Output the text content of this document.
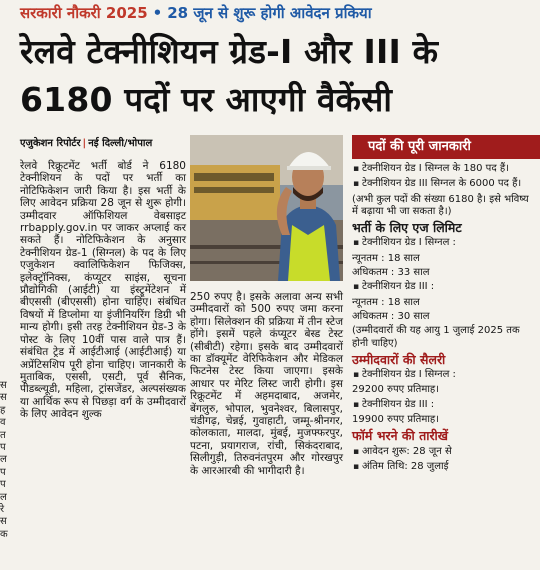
सरकारी नौकरी 2025 • 28 जून से शुरू होगी आवेदन प्रकिया
रेलवे टेक्नीशियन ग्रेड-I और III के 6180 पदों पर आएगी वैकेंसी
एजुकेशन रिपोर्टर | नई दिल्ली/भोपाल
स
स
ह
व
त
प
ल
प
प
ल
रे
स
क
रेलवे रिक्रूटमेंट भर्ती बोर्ड ने 6180 टेक्नीशियन के पदों पर भर्ती का नोटिफिकेशन जारी किया है। इस भर्ती के लिए आवेदन प्रक्रिया 28 जून से शुरू होगी। उम्मीदवार ऑफिशियल वेबसाइट rrbapply.gov.in पर जाकर अप्लाई कर सकते हैं। नोटिफिकेशन के अनुसार टेक्नीशियन ग्रेड-1 (सिग्नल) के पद के लिए एजुकेशन क्वालिफिकेशन फिजिक्स, इलेक्ट्रॉनिक्स, कंप्यूटर साइंस, सूचना प्रौद्योगिकी (आईटी) या इंस्ट्रूमेंटेशन में बीएससी (बीएससी) होना चाहिए। संबंधित विषयों में डिप्लोमा या इंजीनियरिंग डिग्री भी मान्य होगी। इसी तरह टेक्नीशियन ग्रेड-3 के पोस्ट के लिए 10वीं पास वाले पात्र हैं। संबंधित ट्रेड में आईटीआई (आईटीआई) या अप्रेंटिसशिप पूरी होना चाहिए। जानकारी के मुताबिक, एससी, एसटी, पूर्व सैनिक, पीडब्ल्यूडी, महिला, ट्रांसजेंडर, अल्पसंख्यक या आर्थिक रूप से पिछड़ा वर्ग के उम्मीदवारों के लिए आवेदन शुल्क
250 रुपए है। इसके अलावा अन्य सभी उम्मीदवारों को 500 रुपए जमा करना होगा। सिलेक्शन की प्रक्रिया में तीन स्टेज होंगे। इसमें पहले कंप्यूटर बेस्ड टेस्ट (सीबीटी) रहेगा। इसके बाद उम्मीदवारों का डॉक्यूमेंट वेरिफिकेशन और मेडिकल फिटनेस टेस्ट किया जाएगा। इसके आधार पर मेरिट लिस्ट जारी होगी। इस रिक्रूटमेंट में अहमदाबाद, अजमेर, बेंगलुरु, भोपाल, भुवनेश्वर, बिलासपुर, चंडीगढ़, चेन्नई, गुवाहाटी, जम्मू-श्रीनगर, कोलकाता, मालदा, मुंबई, मुजफ्फरपुर, पटना, प्रयागराज, रांची, सिकंदराबाद, सिलीगुड़ी, तिरुवनंतपुरम और गोरखपुर के आरआरबी की भागीदारी है।
पदों की पूरी जानकारी
▪ टेक्नीशियन ग्रेड I सिग्नल के 180 पद हैं।
▪ टेक्नीशियन ग्रेड III सिग्नल के 6000 पद हैं।
(अभी कुल पदों की संख्या 6180 है। इसे भविष्य में बढ़ाया भी जा सकता है।)
भर्ती के लिए एज लिमिट
▪ टेक्नीशियन ग्रेड I सिग्नल :
न्यूनतम : 18 साल
अधिकतम : 33 साल
▪ टेक्नीशियन ग्रेड III :
न्यूनतम : 18 साल
अधिकतम : 30 साल
(उम्मीदवारों की यह आयु 1 जुलाई 2025 तक होनी चाहिए)
उम्मीदवारों की सैलरी
▪ टेक्नीशियन ग्रेड I सिग्नल :
29200 रुपए प्रतिमाह।
▪ टेक्नीशियन ग्रेड III :
19900 रुपए प्रतिमाह।
फॉर्म भरने की तारीखें
▪ आवेदन शुरू: 28 जून से
▪ अंतिम तिथि: 28 जुलाई
